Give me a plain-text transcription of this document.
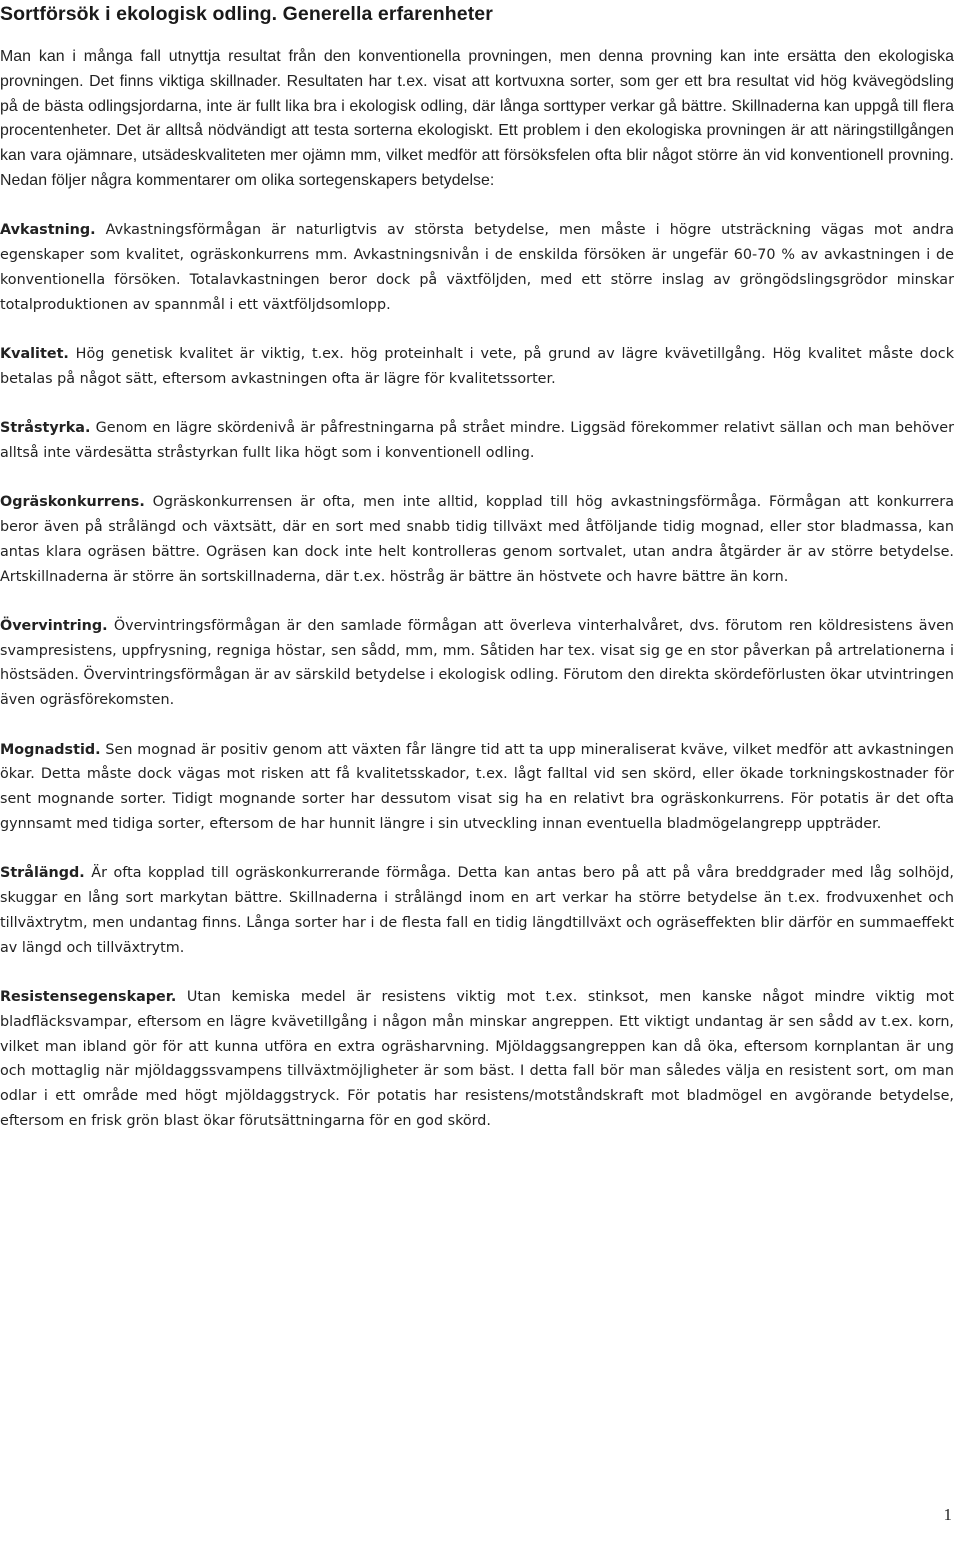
Sortförsök i ekologisk odling. Generella erfarenheter

Man kan i många fall utnyttja resultat från den konventionella provningen, men denna provning kan inte ersätta den ekologiska provningen. Det finns viktiga skillnader. Resultaten har t.ex. visat att kortvuxna sorter, som ger ett bra resultat vid hög kvävegödsling på de bästa odlingsjordarna, inte är fullt lika bra i ekologisk odling, där långa sorttyper verkar gå bättre. Skillnaderna kan uppgå till flera procentenheter. Det är alltså nödvändigt att testa sorterna ekologiskt. Ett problem i den ekologiska provningen är att näringstillgången kan vara ojämnare, utsädeskvaliteten mer ojämn mm, vilket medför att försöksfelen ofta blir något större än vid konventionell provning. Nedan följer några kommentarer om olika sortegenskapers betydelse:

Avkastning. Avkastningsförmågan är naturligtvis av största betydelse, men måste i högre utsträckning vägas mot andra egenskaper som kvalitet, ogräskonkurrens mm. Avkastningsnivån i de enskilda försöken är ungefär 60-70 % av avkastningen i de konventionella försöken. Totalavkastningen beror dock på växtföljden, med ett större inslag av gröngödslingsgrödor minskar totalproduktionen av spannmål i ett växtföljdsomlopp.

Kvalitet. Hög genetisk kvalitet är viktig, t.ex. hög proteinhalt i vete, på grund av lägre kvävetillgång. Hög kvalitet måste dock betalas på något sätt, eftersom avkastningen ofta är lägre för kvalitetssorter.

Stråstyrka. Genom en lägre skördenivå är påfrestningarna på strået mindre. Liggsäd förekommer relativt sällan och man behöver alltså inte värdesätta stråstyrkan fullt lika högt som i konventionell odling.

Ogräskonkurrens. Ogräskonkurrensen är ofta, men inte alltid, kopplad till hög avkastningsförmåga. Förmågan att konkurrera beror även på strålängd och växtsätt, där en sort med snabb tidig tillväxt med åtföljande tidig mognad, eller stor bladmassa, kan antas klara ogräsen bättre. Ogräsen kan dock inte helt kontrolleras genom sortvalet, utan andra åtgärder är av större betydelse. Artskillnaderna är större än sortskillnaderna, där t.ex. höstråg är bättre än höstvete och havre bättre än korn.

Övervintring. Övervintringsförmågan är den samlade förmågan att överleva vinterhalvåret, dvs. förutom ren köldresistens även svampresistens, uppfrysning, regniga höstar, sen sådd, mm, mm. Såtiden har tex. visat sig ge en stor påverkan på artrelationerna i höstsäden. Övervintringsförmågan är av särskild betydelse i ekologisk odling. Förutom den direkta skördeförlusten ökar utvintringen även ogräsförekomsten.

Mognadstid. Sen mognad är positiv genom att växten får längre tid att ta upp mineraliserat kväve, vilket medför att avkastningen ökar. Detta måste dock vägas mot risken att få kvalitetsskador, t.ex. lågt falltal vid sen skörd, eller ökade torkningskostnader för sent mognande sorter. Tidigt mognande sorter har dessutom visat sig ha en relativt bra ogräskonkurrens. För potatis är det ofta gynnsamt med tidiga sorter, eftersom de har hunnit längre i sin utveckling innan eventuella bladmögelangrepp uppträder.

Strålängd. Är ofta kopplad till ogräskonkurrerande förmåga. Detta kan antas bero på att på våra breddgrader med låg solhöjd, skuggar en lång sort markytan bättre. Skillnaderna i strålängd inom en art verkar ha större betydelse än t.ex. frodvuxenhet och tillväxtrytm, men undantag finns. Långa sorter har i de flesta fall en tidig längdtillväxt och ogräseffekten blir därför en summaeffekt av längd och tillväxtrytm.

Resistensegenskaper. Utan kemiska medel är resistens viktig mot t.ex. stinksot, men kanske något mindre viktig mot bladfläcksvampar, eftersom en lägre kvävetillgång i någon mån minskar angreppen. Ett viktigt undantag är sen sådd av t.ex. korn, vilket man ibland gör för att kunna utföra en extra ogräsharvning. Mjöldaggsangreppen kan då öka, eftersom kornplantan är ung och mottaglig när mjöldaggssvampens tillväxtmöjligheter är som bäst. I detta fall bör man således välja en resistent sort, om man odlar i ett område med högt mjöldaggstryck. För potatis har resistens/motståndskraft mot bladmögel en avgörande betydelse, eftersom en frisk grön blast ökar förutsättningarna för en god skörd.

1
